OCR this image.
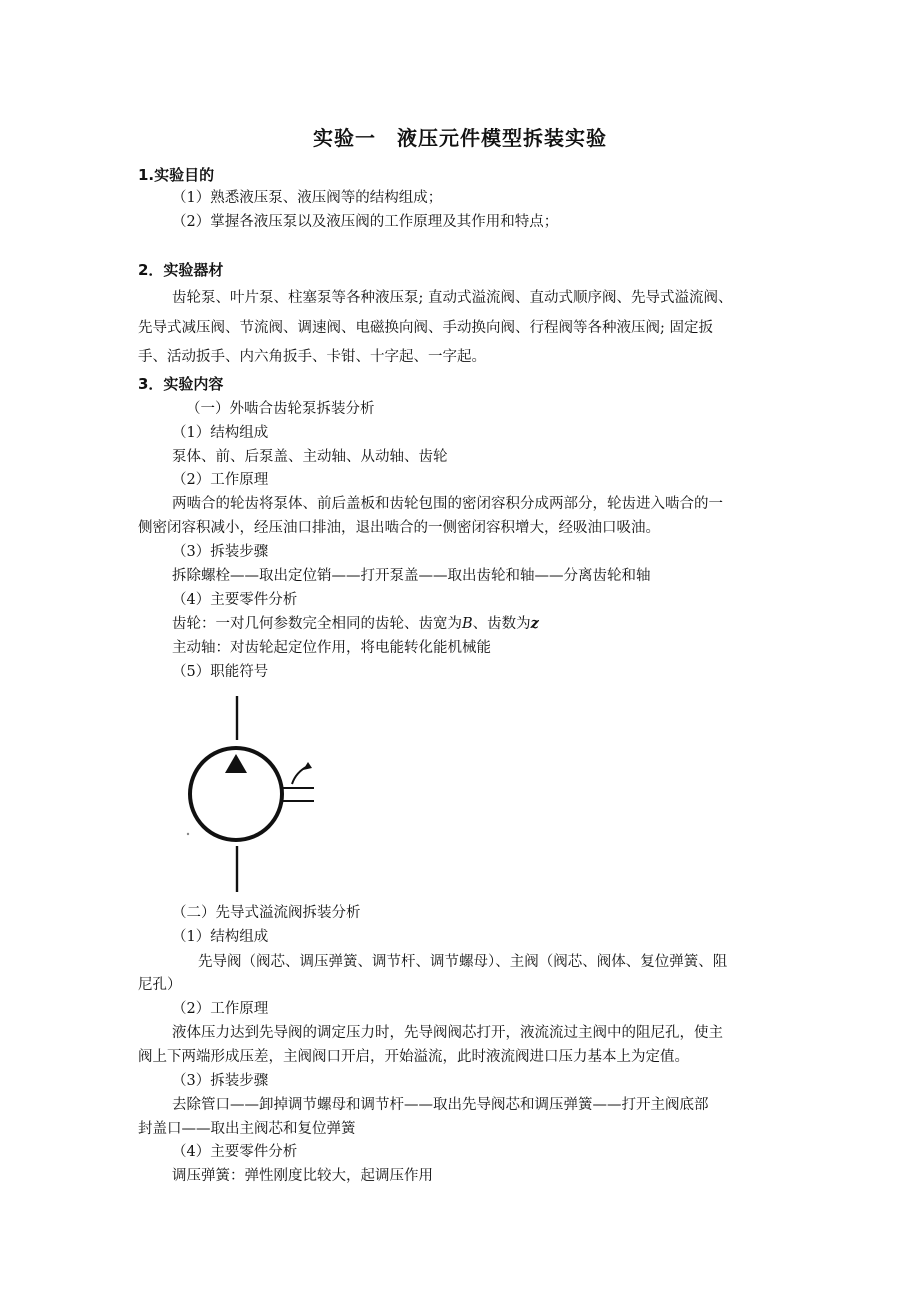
实验一　液压元件模型拆装实验
1.实验目的
（1）熟悉液压泵、液压阀等的结构组成；
（2）掌握各液压泵以及液压阀的工作原理及其作用和特点；
2．实验器材
齿轮泵、叶片泵、柱塞泵等各种液压泵; 直动式溢流阀、直动式顺序阀、先导式溢流阀、
先导式减压阀、节流阀、调速阀、电磁换向阀、手动换向阀、行程阀等各种液压阀; 固定扳
手、活动扳手、内六角扳手、卡钳、十字起、一字起。
3．实验内容
（一）外啮合齿轮泵拆装分析
（1）结构组成
泵体、前、后泵盖、主动轴、从动轴、齿轮
（2）工作原理
两啮合的轮齿将泵体、前后盖板和齿轮包围的密闭容积分成两部分，轮齿进入啮合的一
侧密闭容积减小，经压油口排油，退出啮合的一侧密闭容积增大，经吸油口吸油。
（3）拆装步骤
拆除螺栓——取出定位销——打开泵盖——取出齿轮和轴——分离齿轮和轴
（4）主要零件分析
齿轮：一对几何参数完全相同的齿轮、齿宽为B、齿数为z
主动轴：对齿轮起定位作用，将电能转化能机械能
（5）职能符号
（二）先导式溢流阀拆装分析
（1）结构组成
先导阀（阀芯、调压弹簧、调节杆、调节螺母）、主阀（阀芯、阀体、复位弹簧、阻
尼孔）
（2）工作原理
液体压力达到先导阀的调定压力时，先导阀阀芯打开，液流流过主阀中的阻尼孔，使主
阀上下两端形成压差，主阀阀口开启，开始溢流，此时液流阀进口压力基本上为定值。
（3）拆装步骤
去除管口——卸掉调节螺母和调节杆——取出先导阀芯和调压弹簧——打开主阀底部
封盖口——取出主阀芯和复位弹簧
（4）主要零件分析
调压弹簧：弹性刚度比较大，起调压作用
